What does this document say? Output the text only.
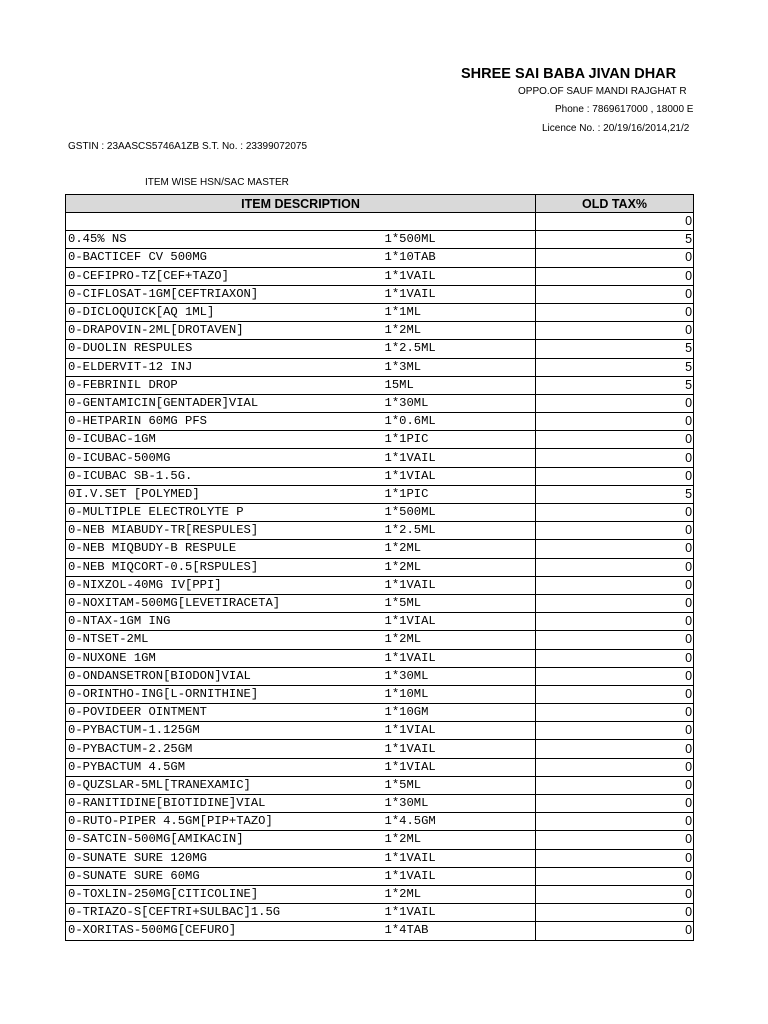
SHREE SAI BABA JIVAN DHAR
OPPO.OF SAUF MANDI RAJGHAT R
Phone : 7869617000 , 18000 E
Licence No. : 20/19/16/2014,21/2
GSTIN : 23AASCS5746A1ZB S.T. No. : 23399072075
ITEM WISE HSN/SAC MASTER
ITEM DESCRIPTION		OLD TAX%
		0
0.45% NS	1*500ML	5
0-BACTICEF CV 500MG	1*10TAB	0
0-CEFIPRO-TZ[CEF+TAZO]	1*1VAIL	0
0-CIFLOSAT-1GM[CEFTRIAXON]	1*1VAIL	0
0-DICLOQUICK[AQ 1ML]	1*1ML	0
0-DRAPOVIN-2ML[DROTAVEN]	1*2ML	0
0-DUOLIN RESPULES	1*2.5ML	5
0-ELDERVIT-12 INJ	1*3ML	5
0-FEBRINIL DROP	15ML	5
0-GENTAMICIN[GENTADER]VIAL	1*30ML	0
0-HETPARIN 60MG PFS	1*0.6ML	0
0-ICUBAC-1GM	1*1PIC	0
0-ICUBAC-500MG	1*1VAIL	0
0-ICUBAC SB-1.5G.	1*1VIAL	0
0I.V.SET [POLYMED]	1*1PIC	5
0-MULTIPLE ELECTROLYTE P	1*500ML	0
0-NEB MIABUDY-TR[RESPULES]	1*2.5ML	0
0-NEB MIQBUDY-B RESPULE	1*2ML	0
0-NEB MIQCORT-0.5[RSPULES]	1*2ML	0
0-NIXZOL-40MG IV[PPI]	1*1VAIL	0
0-NOXITAM-500MG[LEVETIRACETA]	1*5ML	0
0-NTAX-1GM ING	1*1VIAL	0
0-NTSET-2ML	1*2ML	0
0-NUXONE 1GM	1*1VAIL	0
0-ONDANSETRON[BIODON]VIAL	1*30ML	0
0-ORINTHO-ING[L-ORNITHINE]	1*10ML	0
0-POVIDEER OINTMENT	1*10GM	0
0-PYBACTUM-1.125GM	1*1VIAL	0
0-PYBACTUM-2.25GM	1*1VAIL	0
0-PYBACTUM 4.5GM	1*1VIAL	0
0-QUZSLAR-5ML[TRANEXAMIC]	1*5ML	0
0-RANITIDINE[BIOTIDINE]VIAL	1*30ML	0
0-RUTO-PIPER 4.5GM[PIP+TAZO]	1*4.5GM	0
0-SATCIN-500MG[AMIKACIN]	1*2ML	0
0-SUNATE SURE 120MG	1*1VAIL	0
0-SUNATE SURE 60MG	1*1VAIL	0
0-TOXLIN-250MG[CITICOLINE]	1*2ML	0
0-TRIAZO-S[CEFTRI+SULBAC]1.5G	1*1VAIL	0
0-XORITAS-500MG[CEFURO]	1*4TAB	0
